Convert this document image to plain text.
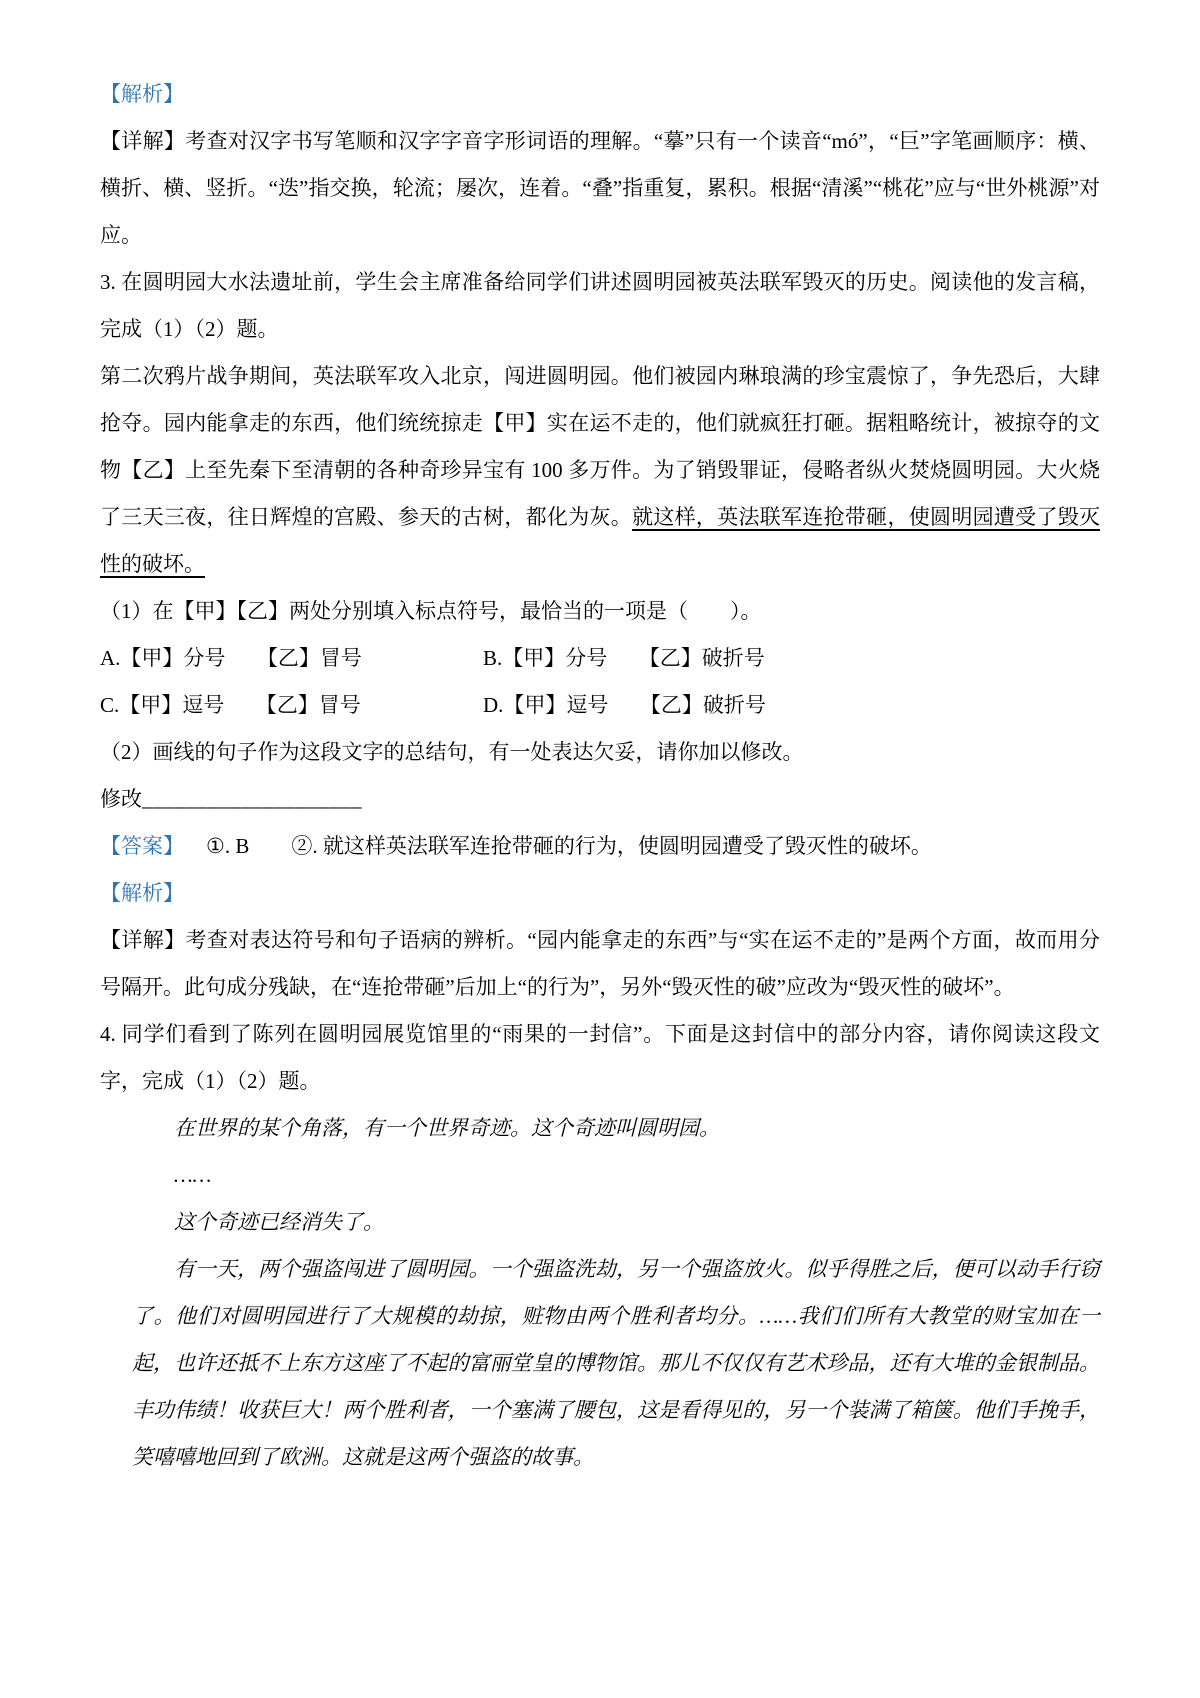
【解析】

【详解】考查对汉字书写笔顺和汉字字音字形词语的理解。“摹”只有一个读音“mó”，“巨”字笔画顺序：横、横折、横、竖折。“迭”指交换，轮流；屡次，连着。“叠”指重复，累积。根据“清溪”“桃花”应与“世外桃源”对应。

3. 在圆明园大水法遗址前，学生会主席准备给同学们讲述圆明园被英法联军毁灭的历史。阅读他的发言稿，完成（1）（2）题。

第二次鸦片战争期间，英法联军攻入北京，闯进圆明园。他们被园内琳琅满的珍宝震惊了，争先恐后，大肆抢夺。园内能拿走的东西，他们统统掠走【甲】实在运不走的，他们就疯狂打砸。据粗略统计，被掠夺的文物【乙】上至先秦下至清朝的各种奇珍异宝有 100 多万件。为了销毁罪证，侵略者纵火焚烧圆明园。大火烧了三天三夜，往日辉煌的宫殿、参天的古树，都化为灰。就这样，英法联军连抢带砸，使圆明园遭受了毁灭性的破坏。

（1）在【甲】【乙】两处分别填入标点符号，最恰当的一项是（　　）。

A.【甲】分号　　【乙】冒号	B.【甲】分号　　【乙】破折号

C.【甲】逗号　　【乙】冒号	D.【甲】逗号　　【乙】破折号

（2）画线的句子作为这段文字的总结句，有一处表达欠妥，请你加以修改。

修改____________________

【答案】 ①. B　　②. 就这样英法联军连抢带砸的行为，使圆明园遭受了毁灭性的破坏。

【解析】

【详解】考查对表达符号和句子语病的辨析。“园内能拿走的东西”与“实在运不走的”是两个方面，故而用分号隔开。此句成分残缺，在“连抢带砸”后加上“的行为”，另外“毁灭性的破”应改为“毁灭性的破坏”。

4. 同学们看到了陈列在圆明园展览馆里的“雨果的一封信”。下面是这封信中的部分内容，请你阅读这段文字，完成（1）（2）题。

在世界的某个角落，有一个世界奇迹。这个奇迹叫圆明园。

……

这个奇迹已经消失了。

有一天，两个强盗闯进了圆明园。一个强盗洗劫，另一个强盗放火。似乎得胜之后，便可以动手行窃了。他们对圆明园进行了大规模的劫掠，赃物由两个胜利者均分。……我们们所有大教堂的财宝加在一起，也许还抵不上东方这座了不起的富丽堂皇的博物馆。那儿不仅仅有艺术珍品，还有大堆的金银制品。丰功伟绩！收获巨大！两个胜利者，一个塞满了腰包，这是看得见的，另一个装满了箱箧。他们手挽手，笑嘻嘻地回到了欧洲。这就是这两个强盗的故事。
